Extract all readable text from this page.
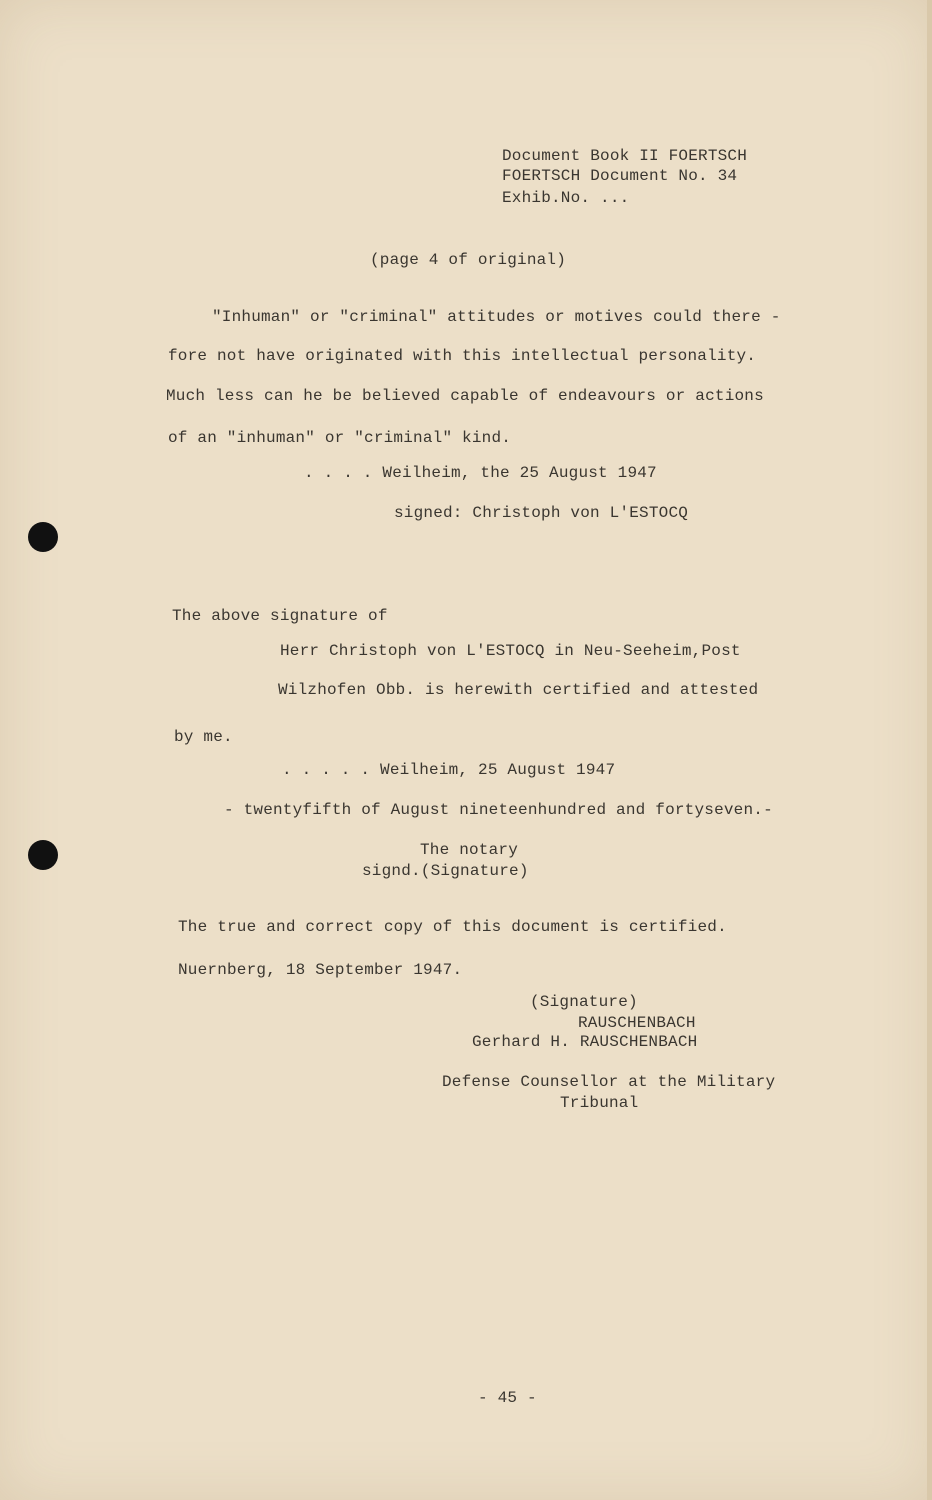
Document Book II FOERTSCH
FOERTSCH Document No. 34
Exhib.No. ...
(page 4 of original)
"Inhuman" or "criminal" attitudes or motives could there -
fore not have originated with this intellectual personality.
Much less can he be believed capable of endeavours or actions
of an "inhuman" or "criminal" kind.
. . . . Weilheim, the 25 August 1947
signed: Christoph von L'ESTOCQ
The above signature of
Herr Christoph von L'ESTOCQ in Neu-Seeheim,Post
Wilzhofen Obb. is herewith certified and attested
by me.
. . . . . Weilheim, 25 August 1947
- twentyfifth of August nineteenhundred and fortyseven.-
The notary
signd.(Signature)
The true and correct copy of this document is certified.
Nuernberg, 18 September 1947.
(Signature)
RAUSCHENBACH
Gerhard H. RAUSCHENBACH
Defense Counsellor at the Military
Tribunal
- 45 -
